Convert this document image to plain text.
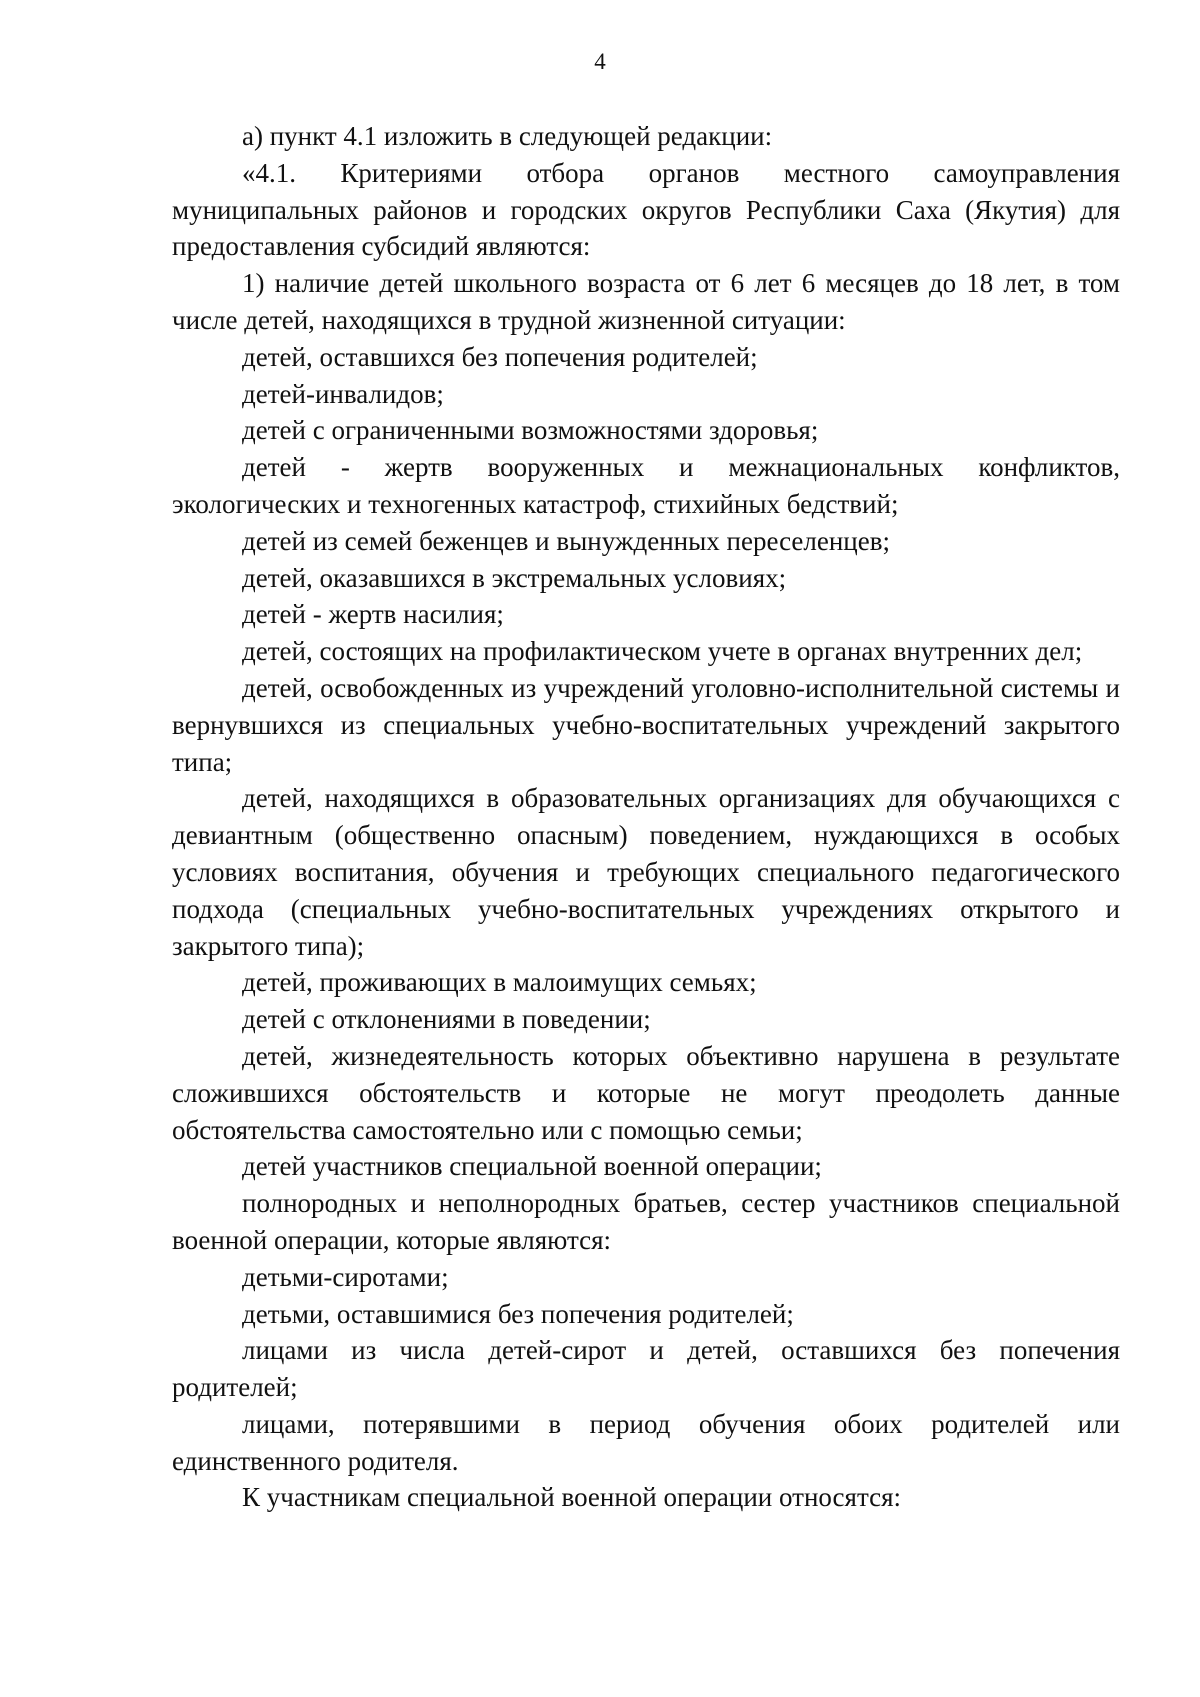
4

а) пункт 4.1 изложить в следующей редакции:

«4.1. Критериями отбора органов местного самоуправления муниципальных районов и городских округов Республики Саха (Якутия) для предоставления субсидий являются:

1) наличие детей школьного возраста от 6 лет 6 месяцев до 18 лет, в том числе детей, находящихся в трудной жизненной ситуации:

детей, оставшихся без попечения родителей;

детей-инвалидов;

детей с ограниченными возможностями здоровья;

детей - жертв вооруженных и межнациональных конфликтов, экологических и техногенных катастроф, стихийных бедствий;

детей из семей беженцев и вынужденных переселенцев;

детей, оказавшихся в экстремальных условиях;

детей - жертв насилия;

детей, состоящих на профилактическом учете в органах внутренних дел;

детей, освобожденных из учреждений уголовно-исполнительной системы и вернувшихся из специальных учебно-воспитательных учреждений закрытого типа;

детей, находящихся в образовательных организациях для обучающихся с девиантным (общественно опасным) поведением, нуждающихся в особых условиях воспитания, обучения и требующих специального педагогического подхода (специальных учебно-воспитательных учреждениях открытого и закрытого типа);

детей, проживающих в малоимущих семьях;

детей с отклонениями в поведении;

детей, жизнедеятельность которых объективно нарушена в результате сложившихся обстоятельств и которые не могут преодолеть данные обстоятельства самостоятельно или с помощью семьи;

детей участников специальной военной операции;

полнородных и неполнородных братьев, сестер участников специальной военной операции, которые являются:

детьми-сиротами;

детьми, оставшимися без попечения родителей;

лицами из числа детей-сирот и детей, оставшихся без попечения родителей;

лицами, потерявшими в период обучения обоих родителей или единственного родителя.

К участникам специальной военной операции относятся:
